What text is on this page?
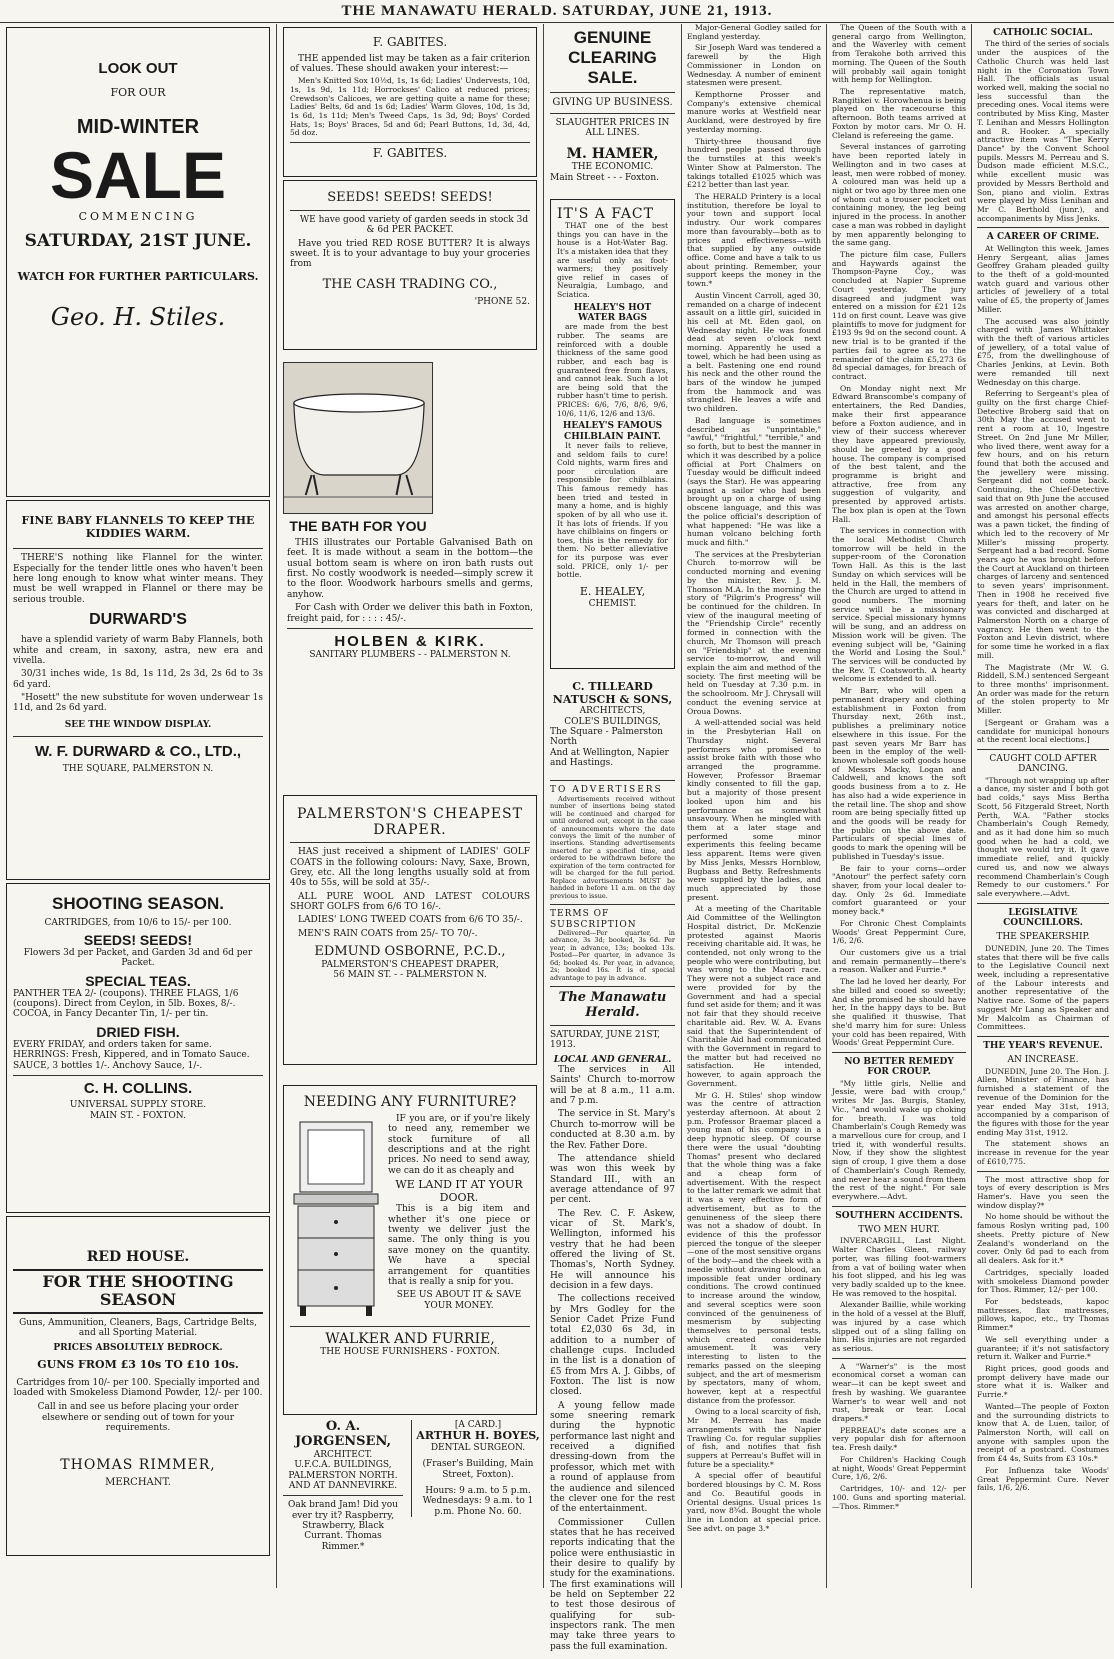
THE MANAWATU HERALD. SATURDAY, JUNE 21, 1913.
LOOK OUT
FOR OUR
MID-WINTER
SALE
COMMENCING
SATURDAY, 21ST JUNE.
WATCH FOR FURTHER PARTICULARS.
Geo. H. Stiles.
FINE BABY FLANNELS TO KEEP THE KIDDIES WARM.

THERE'S nothing like Flannel for the winter. Especially for the tender little ones who haven't been here long enough to know what winter means. They must be well wrapped in Flannel or there may be serious trouble.

DURWARD'S

have a splendid variety of warm Baby Flannels, both white and cream, in saxony, astra, new era and vivella.

30/31 inches wide, 1s 8d, 1s 11d, 2s 3d, 2s 6d to 3s 6d yard.

"Hosett" the new substitute for woven underwear 1s 11d, and 2s 6d yard.

SEE THE WINDOW DISPLAY.
W. F. DURWARD & CO., LTD.,
THE SQUARE, PALMERSTON N.
SHOOTING SEASON.
CARTRIDGES, from 10/6 to 15/- per 100.
SEEDS! SEEDS!
Flowers 3d per Packet, and Garden 3d and 6d per Packet.
SPECIAL TEAS.
PANTHER TEA 2/- (coupons). THREE FLAGS, 1/6 (coupons). Direct from Ceylon, in 5lb. Boxes, 8/-. COCOA, in Fancy Decanter Tin, 1/- per tin.
DRIED FISH.
EVERY FRIDAY, and orders taken for same. HERRINGS: Fresh, Kippered, and in Tomato Sauce. SAUCE, 3 bottles 1/-. Anchovy Sauce, 1/-.
C. H. COLLINS.
UNIVERSAL SUPPLY STORE.
MAIN ST. - FOXTON.
RED HOUSE.
FOR THE SHOOTING SEASON
Guns, Ammunition, Cleaners, Bags, Cartridge Belts, and all Sporting Material.
PRICES ABSOLUTELY BEDROCK.
GUNS FROM £3 10s TO £10 10s.
Cartridges from 10/- per 100. Specially imported and loaded with Smokeless Diamond Powder, 12/- per 100.
Call in and see us before placing your order elsewhere or sending out of town for your requirements.
THOMAS RIMMER,
MERCHANT.
F. GABITES.

THE appended list may be taken as a fair criterion of values. These should awaken your interest:—

Men's Knitted Sox 10½d, 1s, 1s 6d; Ladies' Undervests, 10d, 1s, 1s 9d, 1s 11d; Horrockses' Calico at reduced prices; Crewdson's Calicoes, we are getting quite a name for these; Ladies' Belts, 6d and 1s 6d; Ladies' Warm Gloves, 10d, 1s 3d, 1s 6d, 1s 11d; Men's Tweed Caps, 1s 3d, 9d; Boys' Corded Hats, 1s; Boys' Braces, 5d and 6d; Pearl Buttons, 1d, 3d, 4d, 5d doz.

F. GABITES.
SEEDS! SEEDS! SEEDS!

WE have good variety of garden seeds in stock 3d & 6d PER PACKET.

Have you tried RED ROSE BUTTER? It is always sweet. It is to your advantage to buy your groceries from

THE CASH TRADING CO.,
'PHONE 52.
THE BATH FOR YOU

THIS illustrates our Portable Galvanised Bath on feet. It is made without a seam in the bottom—the usual bottom seam is where on iron bath rusts out first. No costly woodwork is needed—simply screw it to the floor. Woodwork harbours smells and germs, anyhow.

For Cash with Order we deliver this bath in Foxton, freight paid, for : : : : 45/-.

HOLBEN & KIRK.
SANITARY PLUMBERS - - PALMERSTON N.
PALMERSTON'S CHEAPEST DRAPER.

HAS just received a shipment of LADIES' GOLF COATS in the following colours: Navy, Saxe, Brown, Grey, etc. All the long lengths usually sold at from 40s to 55s, will be sold at 35/-.

ALL PURE WOOL AND LATEST COLOURS SHORT GOLFS from 6/6 TO 16/-.

LADIES' LONG TWEED COATS from 6/6 TO 35/-.

MEN'S RAIN COATS from 25/- TO 70/-.

EDMUND OSBORNE, P.C.D.,
PALMERSTON'S CHEAPEST DRAPER,
56 MAIN ST. - - PALMERSTON N.
NEEDING ANY FURNITURE?

IF you are, or if you're likely to need any, remember we stock furniture of all descriptions and at the right prices. No need to send away, we can do it as cheaply and

WE LAND IT AT YOUR DOOR.

This is a big item and whether it's one piece or twenty we deliver just the same. The only thing is you save money on the quantity. We have a special arrangement for quantities that is really a snip for you.

SEE US ABOUT IT & SAVE YOUR MONEY.
WALKER AND FURRIE,
THE HOUSE FURNISHERS - FOXTON.
O. A. JORGENSEN,
ARCHITECT.
U.F.C.A. BUILDINGS, PALMERSTON NORTH.
AND AT DANNEVIRKE.
Oak brand Jam! Did you ever try it? Raspberry, Strawberry, Black Currant. Thomas Rimmer.*
[A CARD.]
ARTHUR H. BOYES,
DENTAL SURGEON.
(Fraser's Building, Main Street, Foxton).
Hours: 9 a.m. to 5 p.m. Wednesdays: 9 a.m. to 1 p.m. Phone No. 60.
GENUINE CLEARING SALE.
GIVING UP BUSINESS.
SLAUGHTER PRICES IN ALL LINES.
M. HAMER,
THE ECONOMIC.
Main Street - - - Foxton.
IT'S A FACT

THAT one of the best things you can have in the house is a Hot-Water Bag. It's a mistaken idea that they are useful only as foot-warmers; they positively give relief in cases of Neuralgia, Lumbago, and Sciatica.

HEALEY'S HOT WATER BAGS

are made from the best rubber. The seams are reinforced with a double thickness of the same good rubber, and each bag is guaranteed free from flaws, and cannot leak. Such a lot are being sold that the rubber hasn't time to perish. PRICES: 6/6, 7/6, 8/6, 9/6, 10/6, 11/6, 12/6 and 13/6.

HEALEY'S FAMOUS CHILBLAIN PAINT.

It never fails to relieve, and seldom fails to cure! Cold nights, warm fires and poor circulation are responsible for chilblains. This famous remedy has been tried and tested in many a home, and is highly spoken of by all who use it. It has lots of friends. If you have chilblains on fingers or toes, this is the remedy for them. No better alleviative for its purpose was ever sold. PRICE, only 1/- per bottle.

E. HEALEY,
CHEMIST.
C. TILLEARD NATUSCH & SONS,
ARCHITECTS,
COLE'S BUILDINGS,
The Square - Palmerston North
And at Wellington, Napier and Hastings.
TO ADVERTISERS

Advertisements received without number of insertions being stated will be continued and charged for until ordered out, except in the case of announcements where the date conveys the limit of the number of insertions. Standing advertisements inserted for a specified time, and ordered to be withdrawn before the expiration of the term contracted for will be charged for the full period. Replace advertisements MUST be handed in before 11 a.m. on the day previous to issue.

TERMS OF SUBSCRIPTION

Delivered—Per quarter, in advance, 3s 3d; booked, 3s 6d. Per year, in advance, 13s; booked 13s. Posted—Per quarter, in advance 3s 6d; booked 4s. Per year, in advance, 2s; booked 16s. It is of special advantage to pay in advance.

The Manawatu Herald.
SATURDAY, JUNE 21ST, 1913.
LOCAL AND GENERAL.

The services in All Saints' Church to-morrow will be at 8 a.m., 11 a.m. and 7 p.m.

The service in St. Mary's Church to-morrow will be conducted at 8.30 a.m. by the Rev. Father Dore.

The attendance shield was won this week by Standard III., with an average attendance of 97 per cent.

The Rev. C. F. Askew, vicar of St. Mark's, Wellington, informed his vestry that he had been offered the living of St. Thomas's, North Sydney. He will announce his decision in a few days.

The collections received by Mrs Godley for the Senior Cadet Prize Fund total £2,030 6s 3d, in addition to a number of challenge cups. Included in the list is a donation of £5 from Mrs A. J. Gibbs, of Foxton. The list is now closed.

A young fellow made some sneering remark during the hypnotic performance last night and received a dignified dressing-down from the professor, which met with a round of applause from the audience and silenced the clever one for the rest of the entertainment.

Commissioner Cullen states that he has received reports indicating that the police were enthusiastic in their desire to qualify by study for the examinations. The first examinations will be held on September 22 to test those desirous of qualifying for sub-inspectors rank. The men may take three years to pass the full examination.

Major-General Godley sailed for England yesterday.

Sir Joseph Ward was tendered a farewell by the High Commissioner in London on Wednesday. A number of eminent statesmen were present.

Kempthorne Prosser and Company's extensive chemical manure works at Westfield near Auckland, were destroyed by fire yesterday morning.

Thirty-three thousand five hundred people passed through the turnstiles at this week's Winter Show at Palmerston. The takings totalled £1025 which was £212 better than last year.

The HERALD Printery is a local institution, therefore be loyal to your town and support local industry. Our work compares more than favourably—both as to prices and effectiveness—with that supplied by any outside office. Come and have a talk to us about printing. Remember, your support keeps the money in the town.*

Austin Vincent Carroll, aged 30, remanded on a charge of indecent assault on a little girl, suicided in his cell at Mt. Eden gaol, on Wednesday night. He was found dead at seven o'clock next morning. Apparently he used a towel, which he had been using as a belt. Fastening one end round his neck and the other round the bars of the window he jumped from the hammock and was strangled. He leaves a wife and two children.

Bad language is sometimes described as "unprintable," "awful," "frightful," "terrible," and so forth, but to best the manner in which it was described by a police official at Port Chalmers on Tuesday would be difficult indeed (says the Star). He was appearing against a sailor who had been brought up on a charge of using obscene language, and this was the police official's description of what happened: "He was like a human volcano belching forth muck and filth."

The services at the Presbyterian Church to-morrow will be conducted morning and evening by the minister, Rev. J. M. Thomson M.A. In the morning the story of "Pilgrim's Progress" will be continued for the children. In view of the inaugural meeting of the "Friendship Circle" recently formed in connection with the church, Mr Thomson will preach on "Friendship" at the evening service to-morrow, and will explain the aim and method of the society. The first meeting will be held on Tuesday at 7.30 p.m. in the schoolroom. Mr J. Chrysall will conduct the evening service at Oroua Downs.

A well-attended social was held in the Presbyterian Hall on Thursday night. Several performers who promised to assist broke faith with those who arranged the programme. However, Professor Braemar kindly consented to fill the gap, but a majority of those present looked upon him and his performance as somewhat unsavoury. When he mingled with them at a later stage and performed some minor experiments this feeling became less apparent. Items were given by Miss Jenks, Messrs Hornblow, Bugbass and Betty. Refreshments were supplied by the ladies, and much appreciated by those present.

At a meeting of the Charitable Aid Committee of the Wellington Hospital district, Dr. McKenzie protested against Maoris receiving charitable aid. It was, he contended, not only wrong to the people who were contributing, but was wrong to the Maori race. They were not a subject race and were provided for by the Government and had a special fund set aside for them; and it was not fair that they should receive charitable aid. Rev. W. A. Evans said that the Superintendent of Charitable Aid had communicated with the Government in regard to the matter but had received no satisfaction. He intended, however, to again approach the Government.

Mr G. H. Stiles' shop window was the centre of attraction yesterday afternoon. At about 2 p.m. Professor Braemar placed a young man of his company in a deep hypnotic sleep. Of course there were the usual "doubting Thomas" present who declared that the whole thing was a fake and a cheap form of advertisement. With the respect to the latter remark we admit that it was a very effective form of advertisement, but as to the genuineness of the sleep there was not a shadow of doubt. In evidence of this the professor pierced the tongue of the sleeper—one of the most sensitive organs of the body—and the cheek with a needle without drawing blood, an impossible feat under ordinary conditions. The crowd continued to increase around the window, and several sceptics were soon convinced of the genuineness of mesmerism by subjecting themselves to personal tests, which created considerable amusement. It was very interesting to listen to the remarks passed on the sleeping subject, and the art of mesmerism by spectators, many of whom, however, kept at a respectful distance from the professor.

Owing to a local scarcity of fish, Mr M. Perreau has made arrangements with the Napier Trawling Co. for regular supplies of fish, and notifies that fish suppers at Perreau's Buffet will in future be a speciality.*

A special offer of beautiful bordered blousings by C. M. Ross and Co. Beautiful goods in Oriental designs. Usual prices 1s yard, now 8¾d. Bought the whole line in London at special price. See advt. on page 3.*

The Queen of the South with a general cargo from Wellington, and the Waverley with cement from Terakohe both arrived this morning. The Queen of the South will probably sail again tonight with hemp for Wellington.

The representative match, Rangitikei v. Horowhenua is being played on the racecourse this afternoon. Both teams arrived at Foxton by motor cars. Mr O. H. Cleland is refereeing the game.

Several instances of garroting have been reported lately in Wellington and in two cases at least, men were robbed of money. A coloured man was held up a night or two ago by three men one of whom cut a trouser pocket out containing money, the leg being injured in the process. In another case a man was robbed in daylight by men apparently belonging to the same gang.

The picture film case, Fullers and Haywards against the Thompson-Payne Coy., was concluded at Napier Supreme Court yesterday. The jury disagreed and judgment was entered on a mission for £21 12s 11d on first count. Leave was give plaintiffs to move for judgment for £193 9s 9d on the second count. A new trial is to be granted if the parties fail to agree as to the remainder of the claim £5,273 6s 8d special damages, for breach of contract.

On Monday night next Mr Edward Branscombe's company of entertainers, the Red Dandies, make their first appearance before a Foxton audience, and in view of their success wherever they have appeared previously, should be greeted by a good house. The company is comprised of the best talent, and the programme is bright and attractive, free from any suggestion of vulgarity, and presented by approved artists. The box plan is open at the Town Hall.

The services in connection with the local Methodist Church tomorrow will be held in the supper-room of the Coronation Town Hall. As this is the last Sunday on which services will be held in the Hall, the members of the Church are urged to attend in good numbers. The morning service will be a missionary service. Special missionary hymns will be sung, and an address on Mission work will be given. The evening subject will be, "Gaining the World and Losing the Soul." The services will be conducted by the Rev. T. Coatsworth. A hearty welcome is extended to all.

Mr Barr, who will open a permanent drapery and clothing establishment in Foxton from Thursday next, 26th inst., publishes a preliminary notice elsewhere in this issue. For the past seven years Mr Barr has been in the employ of the well-known wholesale soft goods house of Messrs Macky, Logan and Caldwell, and knows the soft goods business from a to z. He has also had a wide experience in the retail line. The shop and show room are being specially fitted up and the goods will be ready for the public on the above date. Particulars of special lines of goods to mark the opening will be published in Tuesday's issue.

Be fair to your corns—order "Anotour" the perfect safety corn shaver, from your local dealer to-day. Only 2s 6d. Immediate comfort guaranteed or your money back.*

For Chronic Chest Complaints Woods' Great Peppermint Cure, 1/6, 2/6.

Our customers give us a trial and remain permanently—there's a reason. Walker and Furrie.*

The lad he loved her dearly, For she billed and cooed so sweetly; And she promised he should have her, In the happy days to be. But she qualified it thuswise, That she'd marry him for sure: Unless your cold has been repaired, With Woods' Great Peppermint Cure.

NO BETTER REMEDY FOR CROUP.

"My little girls, Nellie and Jessie, were bad with croup," writes Mr Jas. Burgis, Stanley, Vic., "and would wake up choking for breath. I was told Chamberlain's Cough Remedy was a marvellous cure for croup, and I tried it, with wonderful results. Now, if they show the slightest sign of croup, I give them a dose of Chamberlain's Cough Remedy, and never hear a sound from them the rest of the night." For sale everywhere.—Advt.

SOUTHERN ACCIDENTS.
TWO MEN HURT.

INVERCARGILL, Last Night. Walter Charles Gleen, railway porter, was filling foot-warmers from a vat of boiling water when his foot slipped, and his leg was very badly scalded up to the knee. He was removed to the hospital.

Alexander Baillie, while working in the hold of a vessel at the Bluff, was injured by a case which slipped out of a sling falling on him. His injuries are not regarded as serious.

A "Warner's" is the most economical corset a woman can wear—it can be kept sweet and fresh by washing. We guarantee Warner's to wear well and not rust, break or tear. Local drapers.*

PERREAU's date scones are a very popular dish for afternoon tea. Fresh daily.*

For Children's Hacking Cough at night, Woods' Great Peppermint Cure, 1/6, 2/6.

Cartridges, 10/- and 12/- per 100. Guns and sporting material.—Thos. Rimmer.*

CATHOLIC SOCIAL.

The third of the series of socials under the auspices of the Catholic Church was held last night in the Coronation Town Hall. The officials as usual worked well, making the social no less successful than the preceding ones. Vocal items were contributed by Miss King, Master T. Lenihan and Messrs Hollington and R. Hooker. A specially attractive item was "The Kerry Dance" by the Convent School pupils. Messrs M. Perreau and S. Dudson made efficient M.S.C., while excellent music was provided by Messrs Berthold and Son, piano and violin. Extras were played by Miss Lenihan and Mr C. Berthold (junr.), and accompaniments by Miss Jenks.

A CAREER OF CRIME.

At Wellington this week, James Henry Sergeant, alias James Geoffrey Graham pleaded guilty to the theft of a gold-mounted watch guard and various other articles of jewellery of a total value of £5, the property of James Miller.

The accused was also jointly charged with James Whittaker with the theft of various articles of jewellery, of a total value of £75, from the dwellinghouse of Charles Jenkins, at Levin. Both were remanded till next Wednesday on this charge.

Referring to Sergeant's plea of guilty on the first charge Chief-Detective Broberg said that on 30th May the accused went to rent a room at 10, Ingestre Street. On 2nd June Mr Miller, who lived there, went away for a few hours, and on his return found that both the accused and the jewellery were missing. Sergeant did not come back. Continuing, the Chief-Detective said that on 9th June the accused was arrested on another charge, and amongst his personal effects was a pawn ticket, the finding of which led to the recovery of Mr Miller's missing property. Sergeant had a bad record. Some years ago he was brought before the Court at Auckland on thirteen charges of larceny and sentenced to seven years' imprisonment. Then in 1908 he received five years for theft, and later on he was convicted and discharged at Palmerston North on a charge of vagrancy. He then went to the Foxton and Levin district, where for some time he worked in a flax mill.

The Magistrate (Mr W. G. Riddell, S.M.) sentenced Sergeant to three months' imprisonment. An order was made for the return of the stolen property to Mr Miller.

[Sergeant or Graham was a candidate for municipal honours at the recent local elections.]

CAUGHT COLD AFTER DANCING.

"Through not wrapping up after a dance, my sister and I both got bad colds," says Miss Bertha Scott, 56 Fitzgerald Street, North Perth, W.A. "Father stocks Chamberlain's Cough Remedy, and as it had done him so much good when he had a cold, we thought we would try it. It gave immediate relief, and quickly cured us, and now we always recommend Chamberlain's Cough Remedy to our customers." For sale everywhere.—Advt.

LEGISLATIVE COUNCILLORS.
THE SPEAKERSHIP.

DUNEDIN, June 20. The Times states that there will be five calls to the Legislative Council next week, including a representative of the Labour interests and another representative of the Native race. Some of the papers suggest Mr Lang as Speaker and Mr Malcolm as Chairman of Committees.

THE YEAR'S REVENUE.
AN INCREASE.

DUNEDIN, June 20. The Hon. J. Allen, Minister of Finance, has furnished a statement of the revenue of the Dominion for the year ended May 31st, 1913, accompanied by a comparison of the figures with those for the year ending May 31st, 1912.

The statement shows an increase in revenue for the year of £610,775.

The most attractive shop for toys of every description is Mrs Hamer's. Have you seen the window display?*

No home should be without the famous Roslyn writing pad, 100 sheets. Pretty picture of New Zealand's wonderland on the cover. Only 6d pad to each from all dealers. Ask for it.*

Cartridges, specially loaded with smokeless Diamond powder for Thos. Rimmer, 12/- per 100.

For bedsteads, kapoc mattresses, flax mattresses, pillows, kapoc, etc., try Thomas Rimmer.*

We sell everything under a guarantee; if it's not satisfactory return it. Walker and Furrie.*

Right prices, good goods and prompt delivery have made our store what it is. Walker and Furrie.*

Wanted—The people of Foxton and the surrounding districts to know that A. de Luen, tailor, of Palmerston North, will call on anyone with samples upon the receipt of a postcard. Costumes from £4 4s, Suits from £3 10s.*

For Influenza take Woods' Great Peppermint Cure. Never fails, 1/6, 2/6.
